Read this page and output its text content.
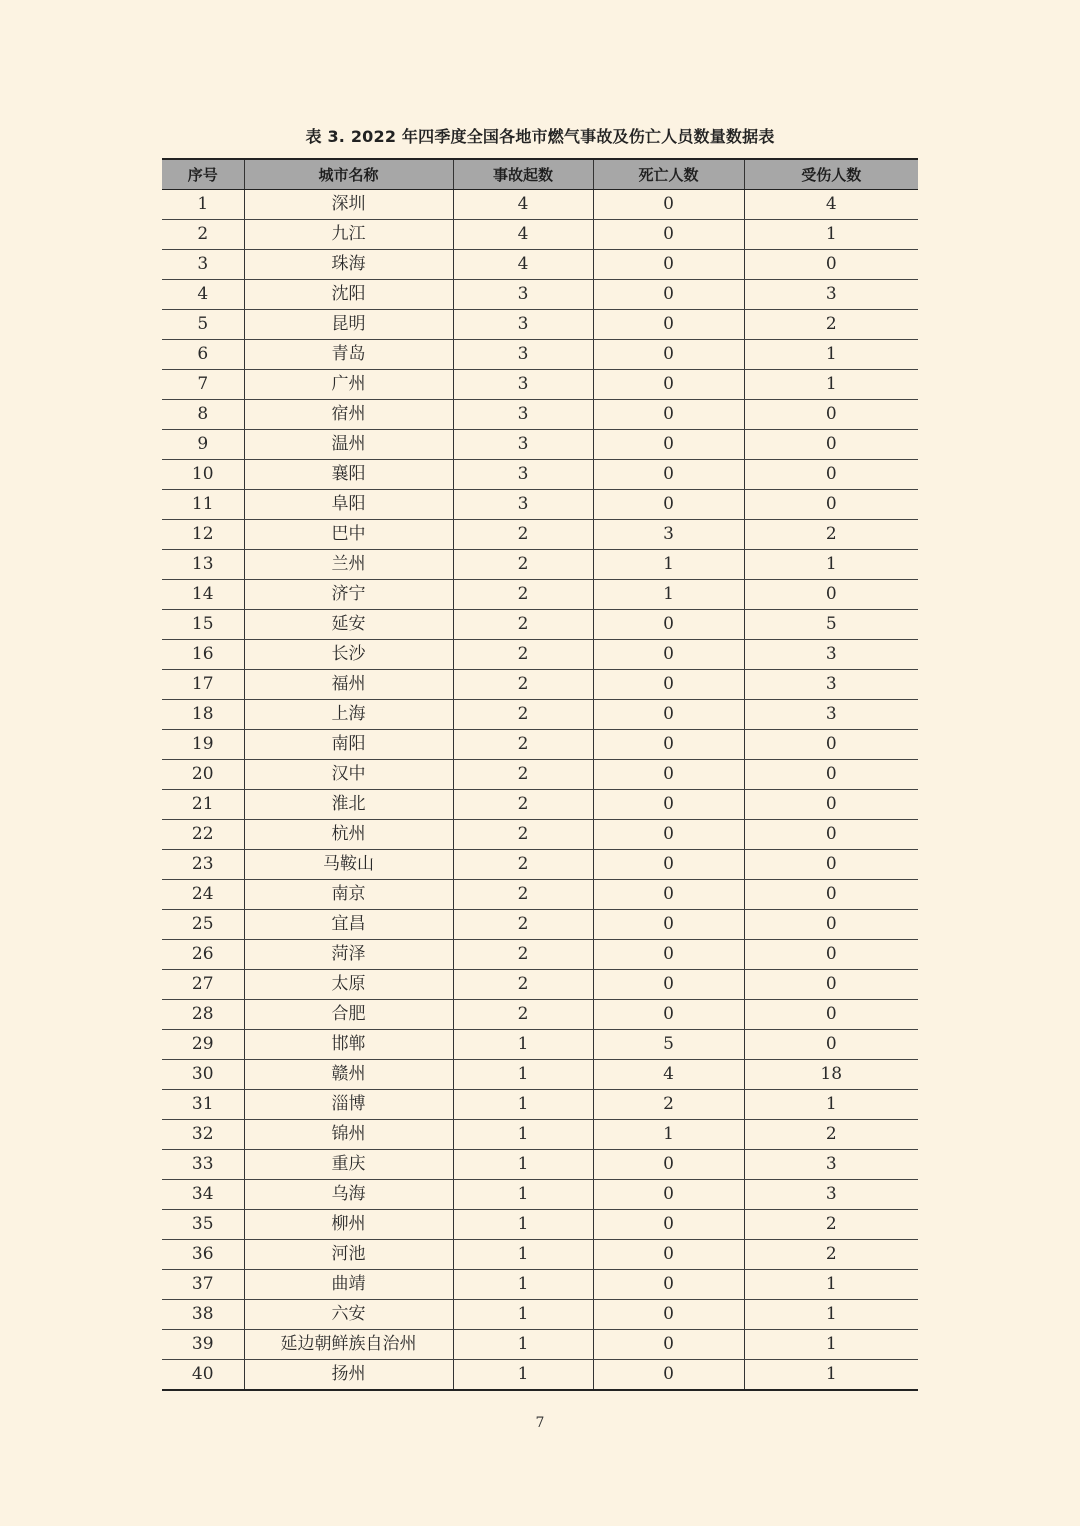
表 3. 2022 年四季度全国各地市燃气事故及伤亡人员数量数据表
序号	城市名称	事故起数	死亡人数	受伤人数
1	深圳	4	0	4
2	九江	4	0	1
3	珠海	4	0	0
4	沈阳	3	0	3
5	昆明	3	0	2
6	青岛	3	0	1
7	广州	3	0	1
8	宿州	3	0	0
9	温州	3	0	0
10	襄阳	3	0	0
11	阜阳	3	0	0
12	巴中	2	3	2
13	兰州	2	1	1
14	济宁	2	1	0
15	延安	2	0	5
16	长沙	2	0	3
17	福州	2	0	3
18	上海	2	0	3
19	南阳	2	0	0
20	汉中	2	0	0
21	淮北	2	0	0
22	杭州	2	0	0
23	马鞍山	2	0	0
24	南京	2	0	0
25	宜昌	2	0	0
26	菏泽	2	0	0
27	太原	2	0	0
28	合肥	2	0	0
29	邯郸	1	5	0
30	赣州	1	4	18
31	淄博	1	2	1
32	锦州	1	1	2
33	重庆	1	0	3
34	乌海	1	0	3
35	柳州	1	0	2
36	河池	1	0	2
37	曲靖	1	0	1
38	六安	1	0	1
39	延边朝鲜族自治州	1	0	1
40	扬州	1	0	1
7
